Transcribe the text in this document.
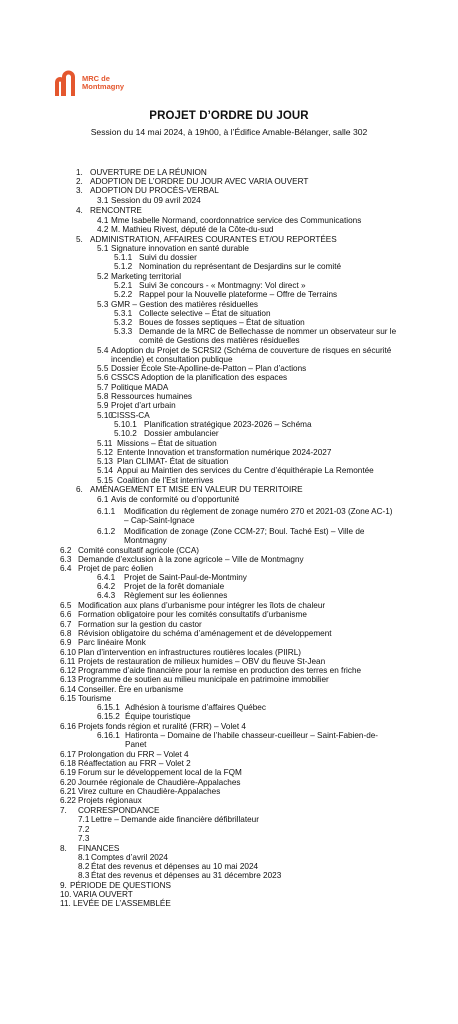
MRC de
Montmagny
PROJET D’ORDRE DU JOUR
Session du 14 mai 2024, à 19h00, à l’Édifice Amable-Bélanger, salle 302
1. OUVERTURE DE LA RÉUNION
2. ADOPTION DE L’ORDRE DU JOUR AVEC VARIA OUVERT
3. ADOPTION DU PROCÈS-VERBAL
3.1 Session du 09 avril 2024
4. RENCONTRE
4.1 Mme Isabelle Normand, coordonnatrice service des Communications
4.2 M. Mathieu Rivest, député de la Côte-du-sud
5. ADMINISTRATION, AFFAIRES COURANTES ET/OU REPORTÉES
5.1 Signature innovation en santé durable
5.1.1 Suivi du dossier
5.1.2 Nomination du représentant de Desjardins sur le comité
5.2 Marketing territorial
5.2.1 Suivi 3e concours - « Montmagny: Vol direct »
5.2.2 Rappel pour la Nouvelle plateforme – Offre de Terrains
5.3 GMR – Gestion des matières résiduelles
5.3.1 Collecte selective – État de situation
5.3.2 Boues de fosses septiques – État de situation
5.3.3 Demande de la MRC de Bellechasse de nommer un observateur sur le
comité de Gestions des matières résiduelles
5.4 Adoption du Projet de SCRSI2 (Schéma de couverture de risques en sécurité
incendie) et consultation publique
5.5 Dossier École Ste-Apolline-de-Patton – Plan d’actions
5.6 CSSCS Adoption de la planification des espaces
5.7 Politique MADA
5.8 Ressources humaines
5.9 Projet d’art urbain
5.10
CISSS-CA
5.10.1 Planification stratégique 2023-2026 – Schéma
5.10.2 Dossier ambulancier
5.11 Missions – État de situation
5.12 Entente Innovation et transformation numérique 2024-2027
5.13 Plan CLIMAT- État de situation
5.14 Appui au Maintien des services du Centre d’équithérapie La Remontée
5.15 Coalition de l’Est interrives
6. AMÉNAGEMENT ET MISE EN VALEUR DU TERRITOIRE
6.1 Avis de conformité ou d’opportunité
6.1.1 Modification du règlement de zonage numéro 270 et 2021-03 (Zone AC-1)
– Cap-Saint-Ignace
6.1.2 Modification de zonage (Zone CCM-27; Boul. Taché Est) – Ville de
Montmagny
6.2 Comité consultatif agricole (CCA)
6.3 Demande d’exclusion à la zone agricole – Ville de Montmagny
6.4 Projet de parc éolien
6.4.1 Projet de Saint-Paul-de-Montminy
6.4.2 Projet de la forêt domaniale
6.4.3 Règlement sur les éoliennes
6.5 Modification aux plans d’urbanisme pour intégrer les îlots de chaleur
6.6 Formation obligatoire pour les comités consultatifs d’urbanisme
6.7 Formation sur la gestion du castor
6.8 Révision obligatoire du schéma d’aménagement et de développement
6.9 Parc linéaire Monk
6.10 Plan d’intervention en infrastructures routières locales (PIIRL)
6.11 Projets de restauration de milieux humides – OBV du fleuve St-Jean
6.12 Programme d’aide financière pour la remise en production des terres en friche
6.13 Programme de soutien au milieu municipale en patrimoine immobilier
6.14 Conseiller. Ère en urbanisme
6.15 Tourisme
6.15.1 Adhésion à tourisme d’affaires Québec
6.15.2 Équipe touristique
6.16 Projets fonds région et ruralité (FRR) – Volet 4
6.16.1 Hatironta – Domaine de l’habile chasseur-cueilleur – Saint-Fabien-de-
Panet
6.17 Prolongation du FRR – Volet 4
6.18 Réaffectation au FRR – Volet 2
6.19 Forum sur le développement local de la FQM
6.20 Journée régionale de Chaudière-Appalaches
6.21 Virez culture en Chaudière-Appalaches
6.22 Projets régionaux
7. CORRESPONDANCE
7.1 Lettre – Demande aide financière défibrillateur
7.2
7.3
8. FINANCES
8.1 Comptes d’avril 2024
8.2 État des revenus et dépenses au 10 mai 2024
8.3 État des revenus et dépenses au 31 décembre 2023
9. PÉRIODE DE QUESTIONS
10. VARIA OUVERT
11. LEVÉE DE L’ASSEMBLÉE
